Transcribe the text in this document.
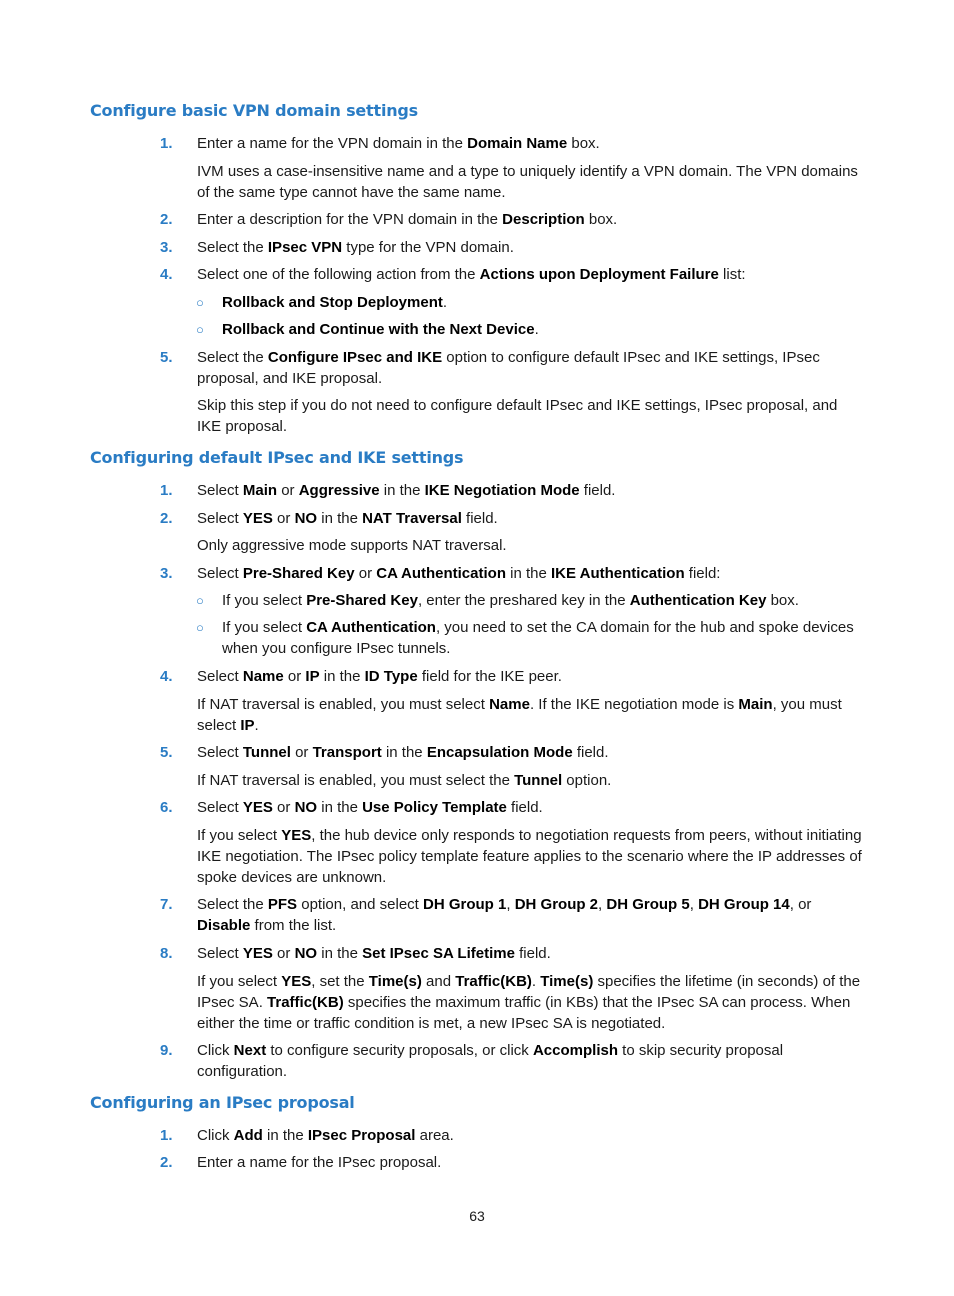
Configure basic VPN domain settings
1.	Enter a name for the VPN domain in the Domain Name box.

IVM uses a case-insensitive name and a type to uniquely identify a VPN domain. The VPN domains of the same type cannot have the same name.

2.	Enter a description for the VPN domain in the Description box.

3.	Select the IPsec VPN type for the VPN domain.

4.	Select one of the following action from the Actions upon Deployment Failure list:

○	Rollback and Stop Deployment.

○	Rollback and Continue with the Next Device.

5.	Select the Configure IPsec and IKE option to configure default IPsec and IKE settings, IPsec proposal, and IKE proposal.

Skip this step if you do not need to configure default IPsec and IKE settings, IPsec proposal, and IKE proposal.

Configuring default IPsec and IKE settings
1.	Select Main or Aggressive in the IKE Negotiation Mode field.

2.	Select YES or NO in the NAT Traversal field.

Only aggressive mode supports NAT traversal.

3.	Select Pre-Shared Key or CA Authentication in the IKE Authentication field:

○	If you select Pre-Shared Key, enter the preshared key in the Authentication Key box.

○	If you select CA Authentication, you need to set the CA domain for the hub and spoke devices when you configure IPsec tunnels.

4.	Select Name or IP in the ID Type field for the IKE peer.

If NAT traversal is enabled, you must select Name. If the IKE negotiation mode is Main, you must select IP.

5.	Select Tunnel or Transport in the Encapsulation Mode field.

If NAT traversal is enabled, you must select the Tunnel option.

6.	Select YES or NO in the Use Policy Template field.

If you select YES, the hub device only responds to negotiation requests from peers, without initiating IKE negotiation. The IPsec policy template feature applies to the scenario where the IP addresses of spoke devices are unknown.

7.	Select the PFS option, and select DH Group 1, DH Group 2, DH Group 5, DH Group 14, or Disable from the list.

8.	Select YES or NO in the Set IPsec SA Lifetime field.

If you select YES, set the Time(s) and Traffic(KB). Time(s) specifies the lifetime (in seconds) of the IPsec SA. Traffic(KB) specifies the maximum traffic (in KBs) that the IPsec SA can process. When either the time or traffic condition is met, a new IPsec SA is negotiated.

9.	Click Next to configure security proposals, or click Accomplish to skip security proposal configuration.

Configuring an IPsec proposal
1.	Click Add in the IPsec Proposal area.

2.	Enter a name for the IPsec proposal.

63
